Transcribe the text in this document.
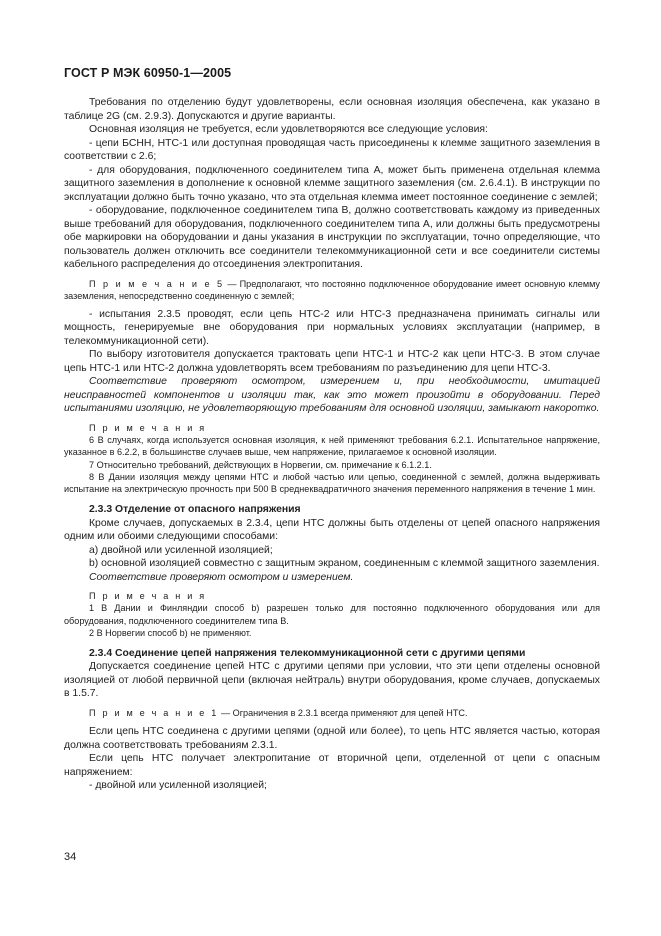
ГОСТ Р МЭК 60950-1—2005

Требования по отделению будут удовлетворены, если основная изоляция обеспечена, как указано в таблице 2G (см. 2.9.3). Допускаются и другие варианты.

Основная изоляция не требуется, если удовлетворяются все следующие условия:

- цепи БСНН, НТС-1 или доступная проводящая часть присоединены к клемме защитного заземления в соответствии с 2.6;

- для оборудования, подключенного соединителем типа А, может быть применена отдельная клемма защитного заземления в дополнение к основной клемме защитного заземления (см. 2.6.4.1). В инструкции по эксплуатации должно быть точно указано, что эта отдельная клемма имеет постоянное соединение с землей;

- оборудование, подключенное соединителем типа В, должно соответствовать каждому из приведенных выше требований для оборудования, подключенного соединителем типа А, или должны быть предусмотрены обе маркировки на оборудовании и даны указания в инструкции по эксплуатации, точно определяющие, что пользователь должен отключить все соединители телекоммуникационной сети и все соединители системы кабельного распределения до отсоединения электропитания.

П р и м е ч а н и е 5 — Предполагают, что постоянно подключенное оборудование имеет основную клемму заземления, непосредственно соединенную с землей;

- испытания 2.3.5 проводят, если цепь НТС-2 или НТС-3 предназначена принимать сигналы или мощность, генерируемые вне оборудования при нормальных условиях эксплуатации (например, в телекоммуникационной сети).

По выбору изготовителя допускается трактовать цепи НТС-1 и НТС-2 как цепи НТС-3. В этом случае цепь НТС-1 или НТС-2 должна удовлетворять всем требованиям по разъединению для цепи НТС-3.

Соответствие проверяют осмотром, измерением и, при необходимости, имитацией неисправностей компонентов и изоляции так, как это может произойти в оборудовании. Перед испытаниями изоляцию, не удовлетворяющую требованиям для основной изоляции, замыкают накоротко.

П р и м е ч а н и я

6 В случаях, когда используется основная изоляция, к ней применяют требования 6.2.1. Испытательное напряжение, указанное в 6.2.2, в большинстве случаев выше, чем напряжение, прилагаемое к основной изоляции.

7 Относительно требований, действующих в Норвегии, см. примечание к 6.1.2.1.

8 В Дании изоляция между цепями НТС и любой частью или цепью, соединенной с землей, должна выдерживать испытание на электрическую прочность при 500 В среднеквадратичного значения переменного напряжения в течение 1 мин.

2.3.3 Отделение от опасного напряжения

Кроме случаев, допускаемых в 2.3.4, цепи НТС должны быть отделены от цепей опасного напряжения одним или обоими следующими способами:

a) двойной или усиленной изоляцией;

b) основной изоляцией совместно с защитным экраном, соединенным с клеммой защитного заземления.

Соответствие проверяют осмотром и измерением.

П р и м е ч а н и я

1 В Дании и Финляндии способ b) разрешен только для постоянно подключенного оборудования или для оборудования, подключенного соединителем типа В.

2 В Норвегии способ b) не применяют.

2.3.4 Соединение цепей напряжения телекоммуникационной сети с другими цепями

Допускается соединение цепей НТС с другими цепями при условии, что эти цепи отделены основной изоляцией от любой первичной цепи (включая нейтраль) внутри оборудования, кроме случаев, допускаемых в 1.5.7.

П р и м е ч а н и е 1 — Ограничения в 2.3.1 всегда применяют для цепей НТС.

Если цепь НТС соединена с другими цепями (одной или более), то цепь НТС является частью, которая должна соответствовать требованиям 2.3.1.

Если цепь НТС получает электропитание от вторичной цепи, отделенной от цепи с опасным напряжением:

- двойной или усиленной изоляцией;

34
